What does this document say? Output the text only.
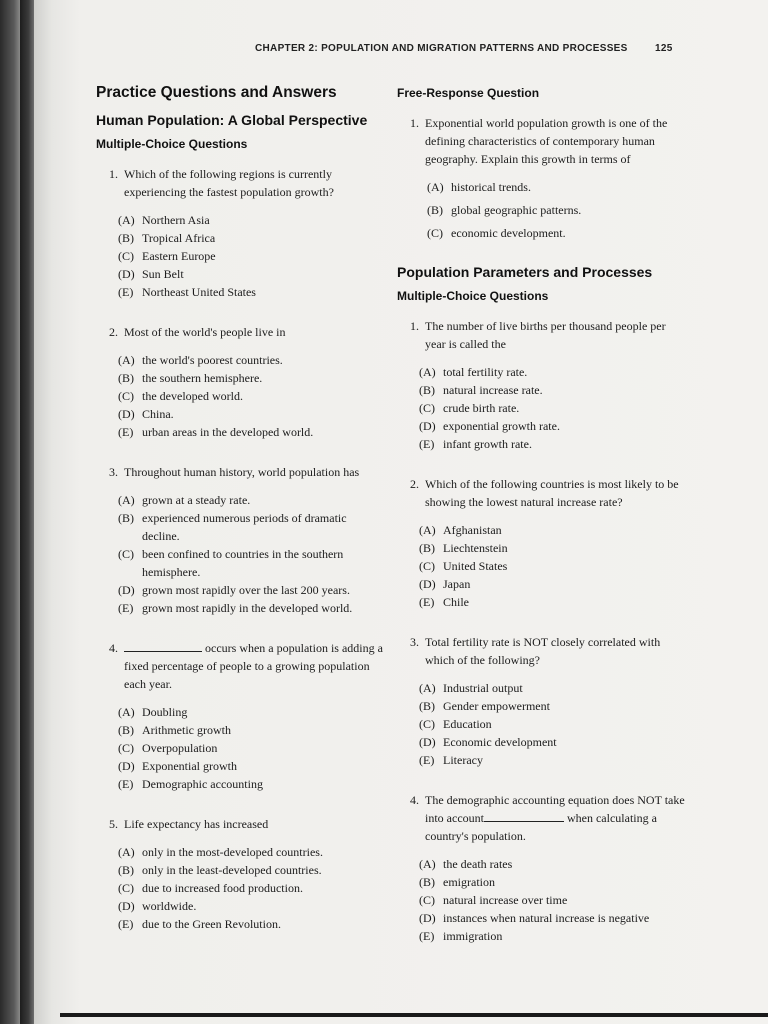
CHAPTER 2: POPULATION AND MIGRATION PATTERNS AND PROCESSES	125
Practice Questions and Answers
Human Population: A Global Perspective
Multiple-Choice Questions
1. Which of the following regions is currently experiencing the fastest population growth?
(A) Northern Asia
(B) Tropical Africa
(C) Eastern Europe
(D) Sun Belt
(E) Northeast United States
2. Most of the world's people live in
(A) the world's poorest countries.
(B) the southern hemisphere.
(C) the developed world.
(D) China.
(E) urban areas in the developed world.
3. Throughout human history, world population has
(A) grown at a steady rate.
(B) experienced numerous periods of dramatic decline.
(C) been confined to countries in the southern hemisphere.
(D) grown most rapidly over the last 200 years.
(E) grown most rapidly in the developed world.
4.	occurs when a population is adding a fixed percentage of people to a growing population each year.
(A) Doubling
(B) Arithmetic growth
(C) Overpopulation
(D) Exponential growth
(E) Demographic accounting
5. Life expectancy has increased
(A) only in the most-developed countries.
(B) only in the least-developed countries.
(C) due to increased food production.
(D) worldwide.
(E) due to the Green Revolution.
Free-Response Question
1. Exponential world population growth is one of the defining characteristics of contemporary human geography. Explain this growth in terms of
(A) historical trends.
(B) global geographic patterns.
(C) economic development.
Population Parameters and Processes
Multiple-Choice Questions
1. The number of live births per thousand people per year is called the
(A) total fertility rate.
(B) natural increase rate.
(C) crude birth rate.
(D) exponential growth rate.
(E) infant growth rate.
2. Which of the following countries is most likely to be showing the lowest natural increase rate?
(A) Afghanistan
(B) Liechtenstein
(C) United States
(D) Japan
(E) Chile
3. Total fertility rate is NOT closely correlated with which of the following?
(A) Industrial output
(B) Gender empowerment
(C) Education
(D) Economic development
(E) Literacy
4. The demographic accounting equation does NOT take into account	when calculating a country's population.
(A) the death rates
(B) emigration
(C) natural increase over time
(D) instances when natural increase is negative
(E) immigration
